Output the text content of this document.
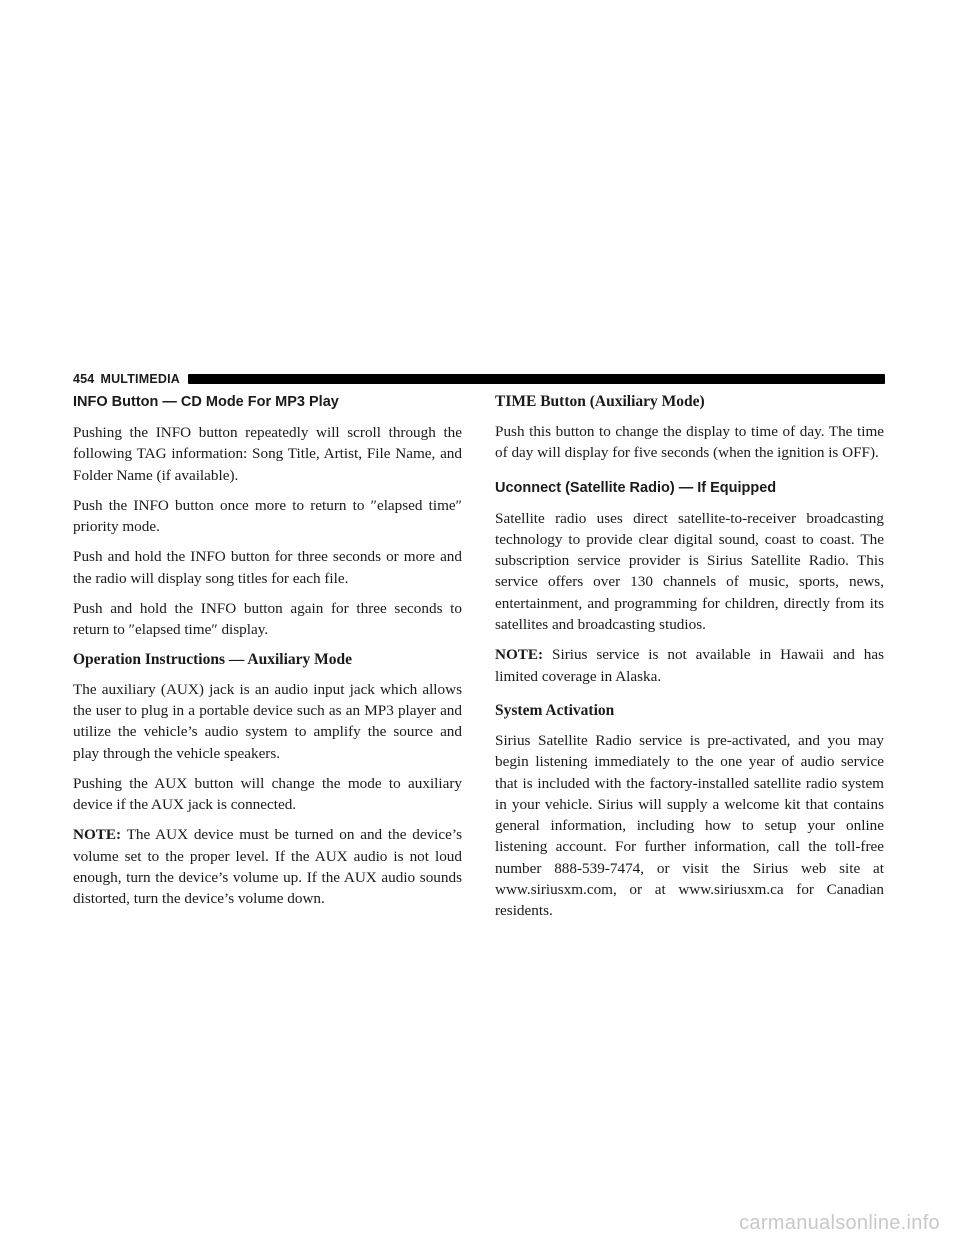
454 MULTIMEDIA
INFO Button — CD Mode For MP3 Play

Pushing the INFO button repeatedly will scroll through the following TAG information: Song Title, Artist, File Name, and Folder Name (if available).

Push the INFO button once more to return to ″elapsed time″ priority mode.

Push and hold the INFO button for three seconds or more and the radio will display song titles for each file.

Push and hold the INFO button again for three seconds to return to ″elapsed time″ display.

Operation Instructions — Auxiliary Mode

The auxiliary (AUX) jack is an audio input jack which allows the user to plug in a portable device such as an MP3 player and utilize the vehicle’s audio system to amplify the source and play through the vehicle speakers.

Pushing the AUX button will change the mode to auxiliary device if the AUX jack is connected.

NOTE: The AUX device must be turned on and the device’s volume set to the proper level. If the AUX audio is not loud enough, turn the device’s volume up. If the AUX audio sounds distorted, turn the device’s volume down.

TIME Button (Auxiliary Mode)

Push this button to change the display to time of day. The time of day will display for five seconds (when the ignition is OFF).

Uconnect (Satellite Radio) — If Equipped

Satellite radio uses direct satellite-to-receiver broadcasting technology to provide clear digital sound, coast to coast. The subscription service provider is Sirius Satellite Radio. This service offers over 130 channels of music, sports, news, entertainment, and programming for children, directly from its satellites and broadcasting studios.

NOTE: Sirius service is not available in Hawaii and has limited coverage in Alaska.

System Activation

Sirius Satellite Radio service is pre-activated, and you may begin listening immediately to the one year of audio service that is included with the factory-installed satellite radio system in your vehicle. Sirius will supply a welcome kit that contains general information, including how to setup your online listening account. For further information, call the toll-free number 888-539-7474, or visit the Sirius web site at www.siriusxm.com, or at www.siriusxm.ca for Canadian residents.

carmanualsonline.info
